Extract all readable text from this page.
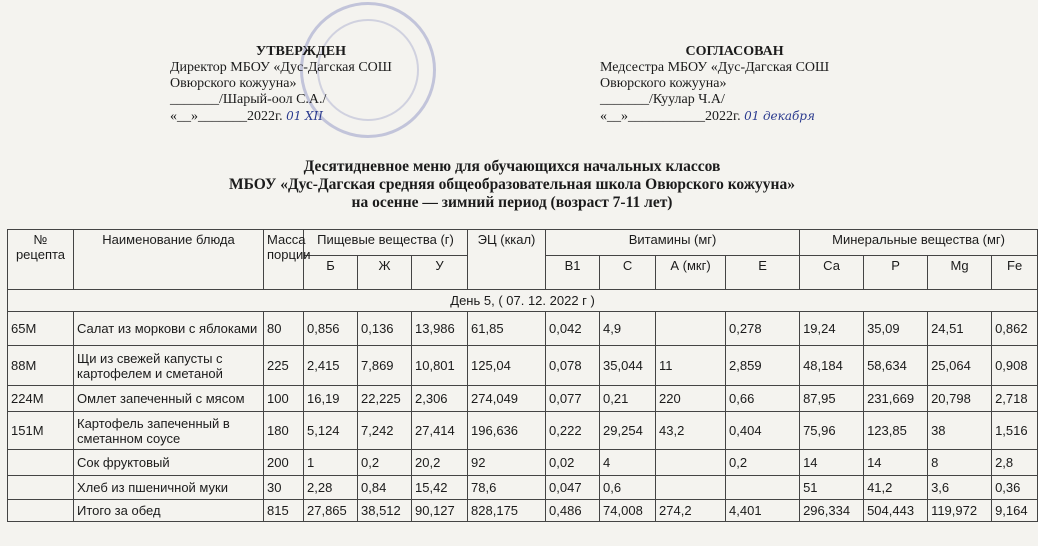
УТВЕРЖДЕН
Директор МБОУ «Дус-Дагская СОШ
Овюрского кожууна»
_______/Шарый-оол С.А./
«__»_______2022г. 01 XII
СОГЛАСОВАН
Медсестра МБОУ «Дус-Дагская СОШ
Овюрского кожууна»
_______/Куулар Ч.А/
«__»___________2022г. 01 декабря
Десятидневное меню для обучающихся начальных классов
МБОУ «Дус-Дагская средняя общеобразовательная школа Овюрского кожууна»
на осенне — зимний период (возраст 7-11 лет)
№ рецепта	Наименование блюда	Масса порции	Пищевые вещества (г)			ЭЦ (ккал)	Витамины (мг)				Минеральные вещества (мг)			
			Б	Ж	У		В1	С	А (мкг)	Е	Са	Р	Мg	Fe
День 5, ( 07. 12. 2022 г )														
65М	Салат из моркови с яблоками	80	0,856	0,136	13,986	61,85	0,042	4,9		0,278	19,24	35,09	24,51	0,862
88М	Щи из свежей капусты с картофелем и сметаной	225	2,415	7,869	10,801	125,04	0,078	35,044	11	2,859	48,184	58,634	25,064	0,908
224М	Омлет запеченный с мясом	100	16,19	22,225	2,306	274,049	0,077	0,21	220	0,66	87,95	231,669	20,798	2,718
151М	Картофель запеченный в сметанном соусе	180	5,124	7,242	27,414	196,636	0,222	29,254	43,2	0,404	75,96	123,85	38	1,516
	Сок фруктовый	200	1	0,2	20,2	92	0,02	4		0,2	14	14	8	2,8
	Хлеб из пшеничной муки	30	2,28	0,84	15,42	78,6	0,047	0,6			51	41,2	3,6	0,36
	Итого за обед	815	27,865	38,512	90,127	828,175	0,486	74,008	274,2	4,401	296,334	504,443	119,972	9,164
